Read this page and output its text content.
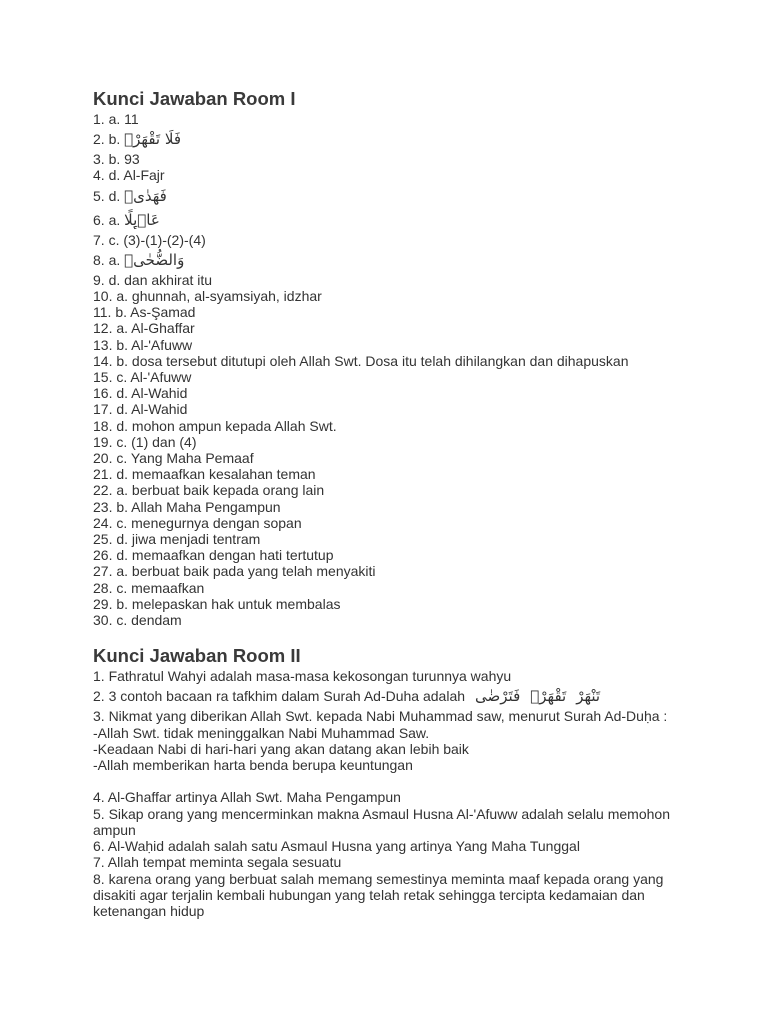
Kunci Jawaban Room I
1. a. 11
2. b. فَلَا تَقْهَرْۗ
3. b. 93
4. d. Al-Fajr
5. d. فَهَدٰىۖ
6. a. عَاۤىِٕلًا
7. c. (3)-(1)-(2)-(4)
8. a. وَالضُّحٰىۙ
9. d. dan akhirat itu
10. a. ghunnah, al-syamsiyah, idzhar
11. b. As-Şamad
12. a. Al-Ghaffar
13. b. Al-'Afuww
14. b. dosa tersebut ditutupi oleh Allah Swt. Dosa itu telah dihilangkan dan dihapuskan
15. c. Al-'Afuww
16. d. Al-Wahid
17. d. Al-Wahid
18. d. mohon ampun kepada Allah Swt.
19. c. (1) dan (4)
20. c. Yang Maha Pemaaf
21. d. memaafkan kesalahan teman
22. a. berbuat baik kepada orang lain
23. b. Allah Maha Pengampun
24. c. menegurnya dengan sopan
25. d. jiwa menjadi tentram
26. d. memaafkan dengan hati tertutup
27. a. berbuat baik pada yang telah menyakiti
28. c. memaafkan
29. b. melepaskan hak untuk membalas
30. c. dendam
Kunci Jawaban Room II
1. Fathratul Wahyi adalah masa-masa kekosongan turunnya wahyu
2. 3 contoh bacaan ra tafkhim dalam Surah Ad-Duha adalah فَتَرْضٰى تَقْهَرْۗ تَنْهَرْ
3. Nikmat yang diberikan Allah Swt. kepada Nabi Muhammad saw, menurut Surah Ad-Duḥa :
-Allah Swt. tidak meninggalkan Nabi Muhammad Saw.
-Keadaan Nabi di hari-hari yang akan datang akan lebih baik
-Allah memberikan harta benda berupa keuntungan
4. Al-Ghaffar artinya Allah Swt. Maha Pengampun
5. Sikap orang yang mencerminkan makna Asmaul Husna Al-'Afuww adalah selalu memohon ampun
6. Al-Waḥid adalah salah satu Asmaul Husna yang artinya Yang Maha Tunggal
7. Allah tempat meminta segala sesuatu
8. karena orang yang berbuat salah memang semestinya meminta maaf kepada orang yang disakiti agar terjalin kembali hubungan yang telah retak sehingga tercipta kedamaian dan ketenangan hidup
